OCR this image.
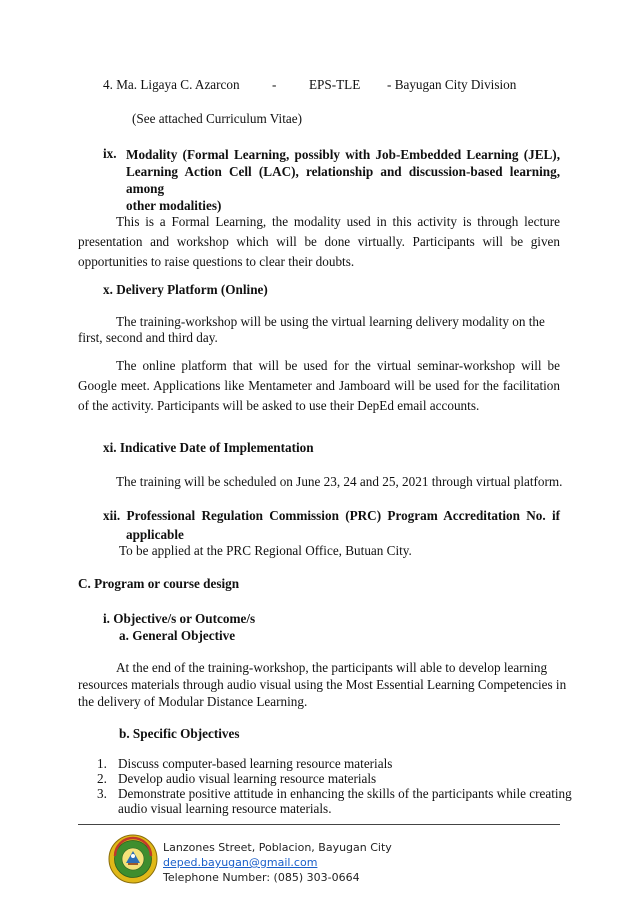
4. Ma. Ligaya C. Azarcon - EPS-TLE - Bayugan City Division
(See attached Curriculum Vitae)
ix. Modality (Formal Learning, possibly with Job-Embedded Learning (JEL),
Learning Action Cell (LAC), relationship and discussion-based learning, among
other modalities)
This is a Formal Learning, the modality used in this activity is through lecture presentation and workshop which will be done virtually. Participants will be given opportunities to raise questions to clear their doubts.
x. Delivery Platform (Online)
The training-workshop will be using the virtual learning delivery modality on the
first, second and third day.
The online platform that will be used for the virtual seminar-workshop will be Google meet. Applications like Mentameter and Jamboard will be used for the facilitation of the activity. Participants will be asked to use their DepEd email accounts.
xi. Indicative Date of Implementation
The training will be scheduled on June 23, 24 and 25, 2021 through virtual platform.
xii. Professional Regulation Commission (PRC) Program Accreditation No. if
applicable
To be applied at the PRC Regional Office, Butuan City.
C. Program or course design
i. Objective/s or Outcome/s
a. General Objective
At the end of the training-workshop, the participants will able to develop learning
resources materials through audio visual using the Most Essential Learning Competencies in
the delivery of Modular Distance Learning.
b. Specific Objectives
1. Discuss computer-based learning resource materials
2. Develop audio visual learning resource materials
3. Demonstrate positive attitude in enhancing the skills of the participants while creating
audio visual learning resource materials.
Lanzones Street, Poblacion, Bayugan City
deped.bayugan@gmail.com
Telephone Number: (085) 303-0664
